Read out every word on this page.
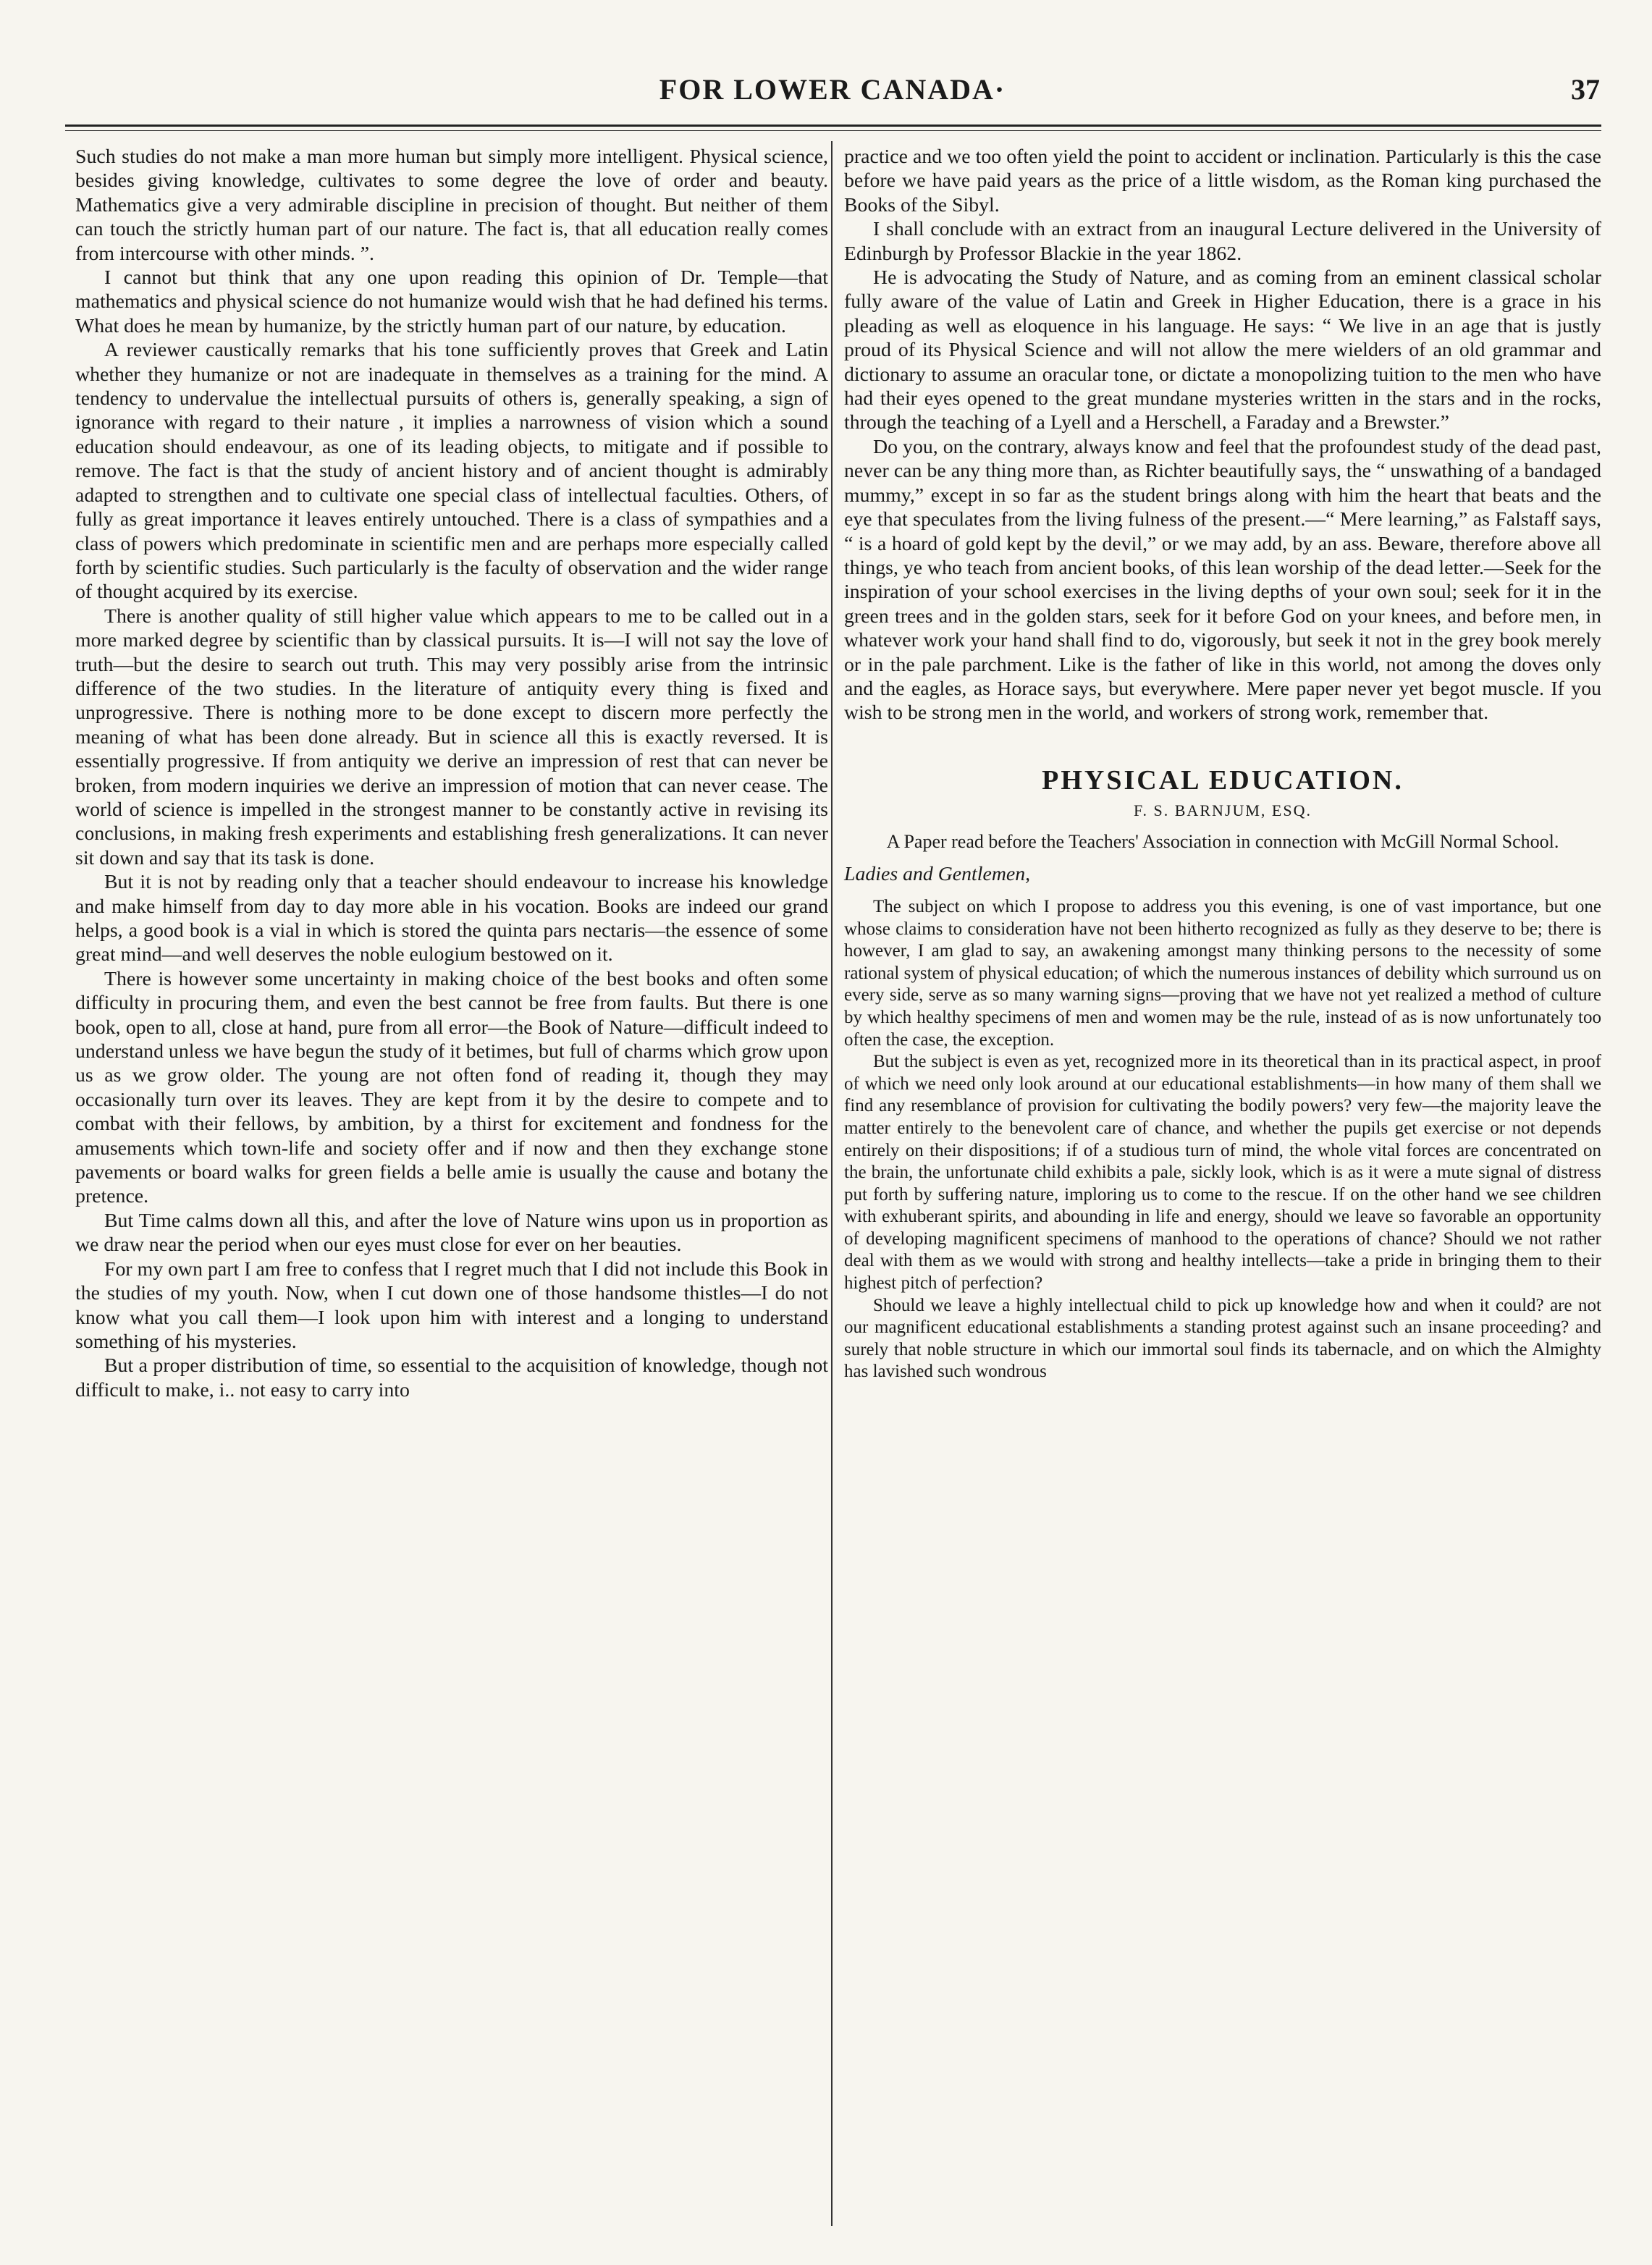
FOR LOWER CANADA·	37

Such studies do not make a man more human but simply more intelligent. Physical science, besides giving knowledge, cultivates to some degree the love of order and beauty. Mathematics give a very admirable discipline in precision of thought. But neither of them can touch the strictly human part of our nature. The fact is, that all education really comes from intercourse with other minds. ”.

I cannot but think that any one upon reading this opinion of Dr. Temple—that mathematics and physical science do not humanize would wish that he had defined his terms. What does he mean by humanize, by the strictly human part of our nature, by education.

A reviewer caustically remarks that his tone sufficiently proves that Greek and Latin whether they humanize or not are inadequate in themselves as a training for the mind. A tendency to undervalue the intellectual pursuits of others is, generally speaking, a sign of ignorance with regard to their nature , it implies a narrowness of vision which a sound education should endeavour, as one of its leading objects, to mitigate and if possible to remove. The fact is that the study of ancient history and of ancient thought is admirably adapted to strengthen and to cultivate one special class of intellectual faculties. Others, of fully as great importance it leaves entirely untouched. There is a class of sympathies and a class of powers which predominate in scientific men and are perhaps more especially called forth by scientific studies. Such particularly is the faculty of observation and the wider range of thought acquired by its exercise.

There is another quality of still higher value which appears to me to be called out in a more marked degree by scientific than by classical pursuits. It is—I will not say the love of truth—but the desire to search out truth. This may very possibly arise from the intrinsic difference of the two studies. In the literature of antiquity every thing is fixed and unprogressive. There is nothing more to be done except to discern more perfectly the meaning of what has been done already. But in science all this is exactly reversed. It is essentially progressive. If from antiquity we derive an impression of rest that can never be broken, from modern inquiries we derive an impression of motion that can never cease. The world of science is impelled in the strongest manner to be constantly active in revising its conclusions, in making fresh experiments and establishing fresh generalizations. It can never sit down and say that its task is done.

But it is not by reading only that a teacher should endeavour to increase his knowledge and make himself from day to day more able in his vocation. Books are indeed our grand helps, a good book is a vial in which is stored the quinta pars nectaris—the essence of some great mind—and well deserves the noble eulogium bestowed on it.

There is however some uncertainty in making choice of the best books and often some difficulty in procuring them, and even the best cannot be free from faults. But there is one book, open to all, close at hand, pure from all error—the Book of Nature—difficult indeed to understand unless we have begun the study of it betimes, but full of charms which grow upon us as we grow older. The young are not often fond of reading it, though they may occasionally turn over its leaves. They are kept from it by the desire to compete and to combat with their fellows, by ambition, by a thirst for excitement and fondness for the amusements which town-life and society offer and if now and then they exchange stone pavements or board walks for green fields a belle amie is usually the cause and botany the pretence.

But Time calms down all this, and after the love of Nature wins upon us in proportion as we draw near the period when our eyes must close for ever on her beauties.

For my own part I am free to confess that I regret much that I did not include this Book in the studies of my youth. Now, when I cut down one of those handsome thistles—I do not know what you call them—I look upon him with interest and a longing to understand something of his mysteries.

But a proper distribution of time, so essential to the acquisition of knowledge, though not difficult to make, i.. not easy to carry into

practice and we too often yield the point to accident or inclination. Particularly is this the case before we have paid years as the price of a little wisdom, as the Roman king purchased the Books of the Sibyl.

I shall conclude with an extract from an inaugural Lecture delivered in the University of Edinburgh by Professor Blackie in the year 1862.

He is advocating the Study of Nature, and as coming from an eminent classical scholar fully aware of the value of Latin and Greek in Higher Education, there is a grace in his pleading as well as eloquence in his language. He says: “ We live in an age that is justly proud of its Physical Science and will not allow the mere wielders of an old grammar and dictionary to assume an oracular tone, or dictate a monopolizing tuition to the men who have had their eyes opened to the great mundane mysteries written in the stars and in the rocks, through the teaching of a Lyell and a Herschell, a Faraday and a Brewster.”

Do you, on the contrary, always know and feel that the profoundest study of the dead past, never can be any thing more than, as Richter beautifully says, the “ unswathing of a bandaged mummy,” except in so far as the student brings along with him the heart that beats and the eye that speculates from the living fulness of the present.—“ Mere learning,” as Falstaff says, “ is a hoard of gold kept by the devil,” or we may add, by an ass. Beware, therefore above all things, ye who teach from ancient books, of this lean worship of the dead letter.—Seek for the inspiration of your school exercises in the living depths of your own soul; seek for it in the green trees and in the golden stars, seek for it before God on your knees, and before men, in whatever work your hand shall find to do, vigorously, but seek it not in the grey book merely or in the pale parchment. Like is the father of like in this world, not among the doves only and the eagles, as Horace says, but everywhere. Mere paper never yet begot muscle. If you wish to be strong men in the world, and workers of strong work, remember that.

PHYSICAL EDUCATION.

F. S. BARNJUM, ESQ.

A Paper read before the Teachers' Association in connection with McGill Normal School.

Ladies and Gentlemen,

The subject on which I propose to address you this evening, is one of vast importance, but one whose claims to consideration have not been hitherto recognized as fully as they deserve to be; there is however, I am glad to say, an awakening amongst many thinking persons to the necessity of some rational system of physical education; of which the numerous instances of debility which surround us on every side, serve as so many warning signs—proving that we have not yet realized a method of culture by which healthy specimens of men and women may be the rule, instead of as is now unfortunately too often the case, the exception.

But the subject is even as yet, recognized more in its theoretical than in its practical aspect, in proof of which we need only look around at our educational establishments—in how many of them shall we find any resemblance of provision for cultivating the bodily powers? very few—the majority leave the matter entirely to the benevolent care of chance, and whether the pupils get exercise or not depends entirely on their dispositions; if of a studious turn of mind, the whole vital forces are concentrated on the brain, the unfortunate child exhibits a pale, sickly look, which is as it were a mute signal of distress put forth by suffering nature, imploring us to come to the rescue. If on the other hand we see children with exhuberant spirits, and abounding in life and energy, should we leave so favorable an opportunity of developing magnificent specimens of manhood to the operations of chance? Should we not rather deal with them as we would with strong and healthy intellects—take a pride in bringing them to their highest pitch of perfection?

Should we leave a highly intellectual child to pick up knowledge how and when it could? are not our magnificent educational establishments a standing protest against such an insane proceeding? and surely that noble structure in which our immortal soul finds its tabernacle, and on which the Almighty has lavished such wondrous
